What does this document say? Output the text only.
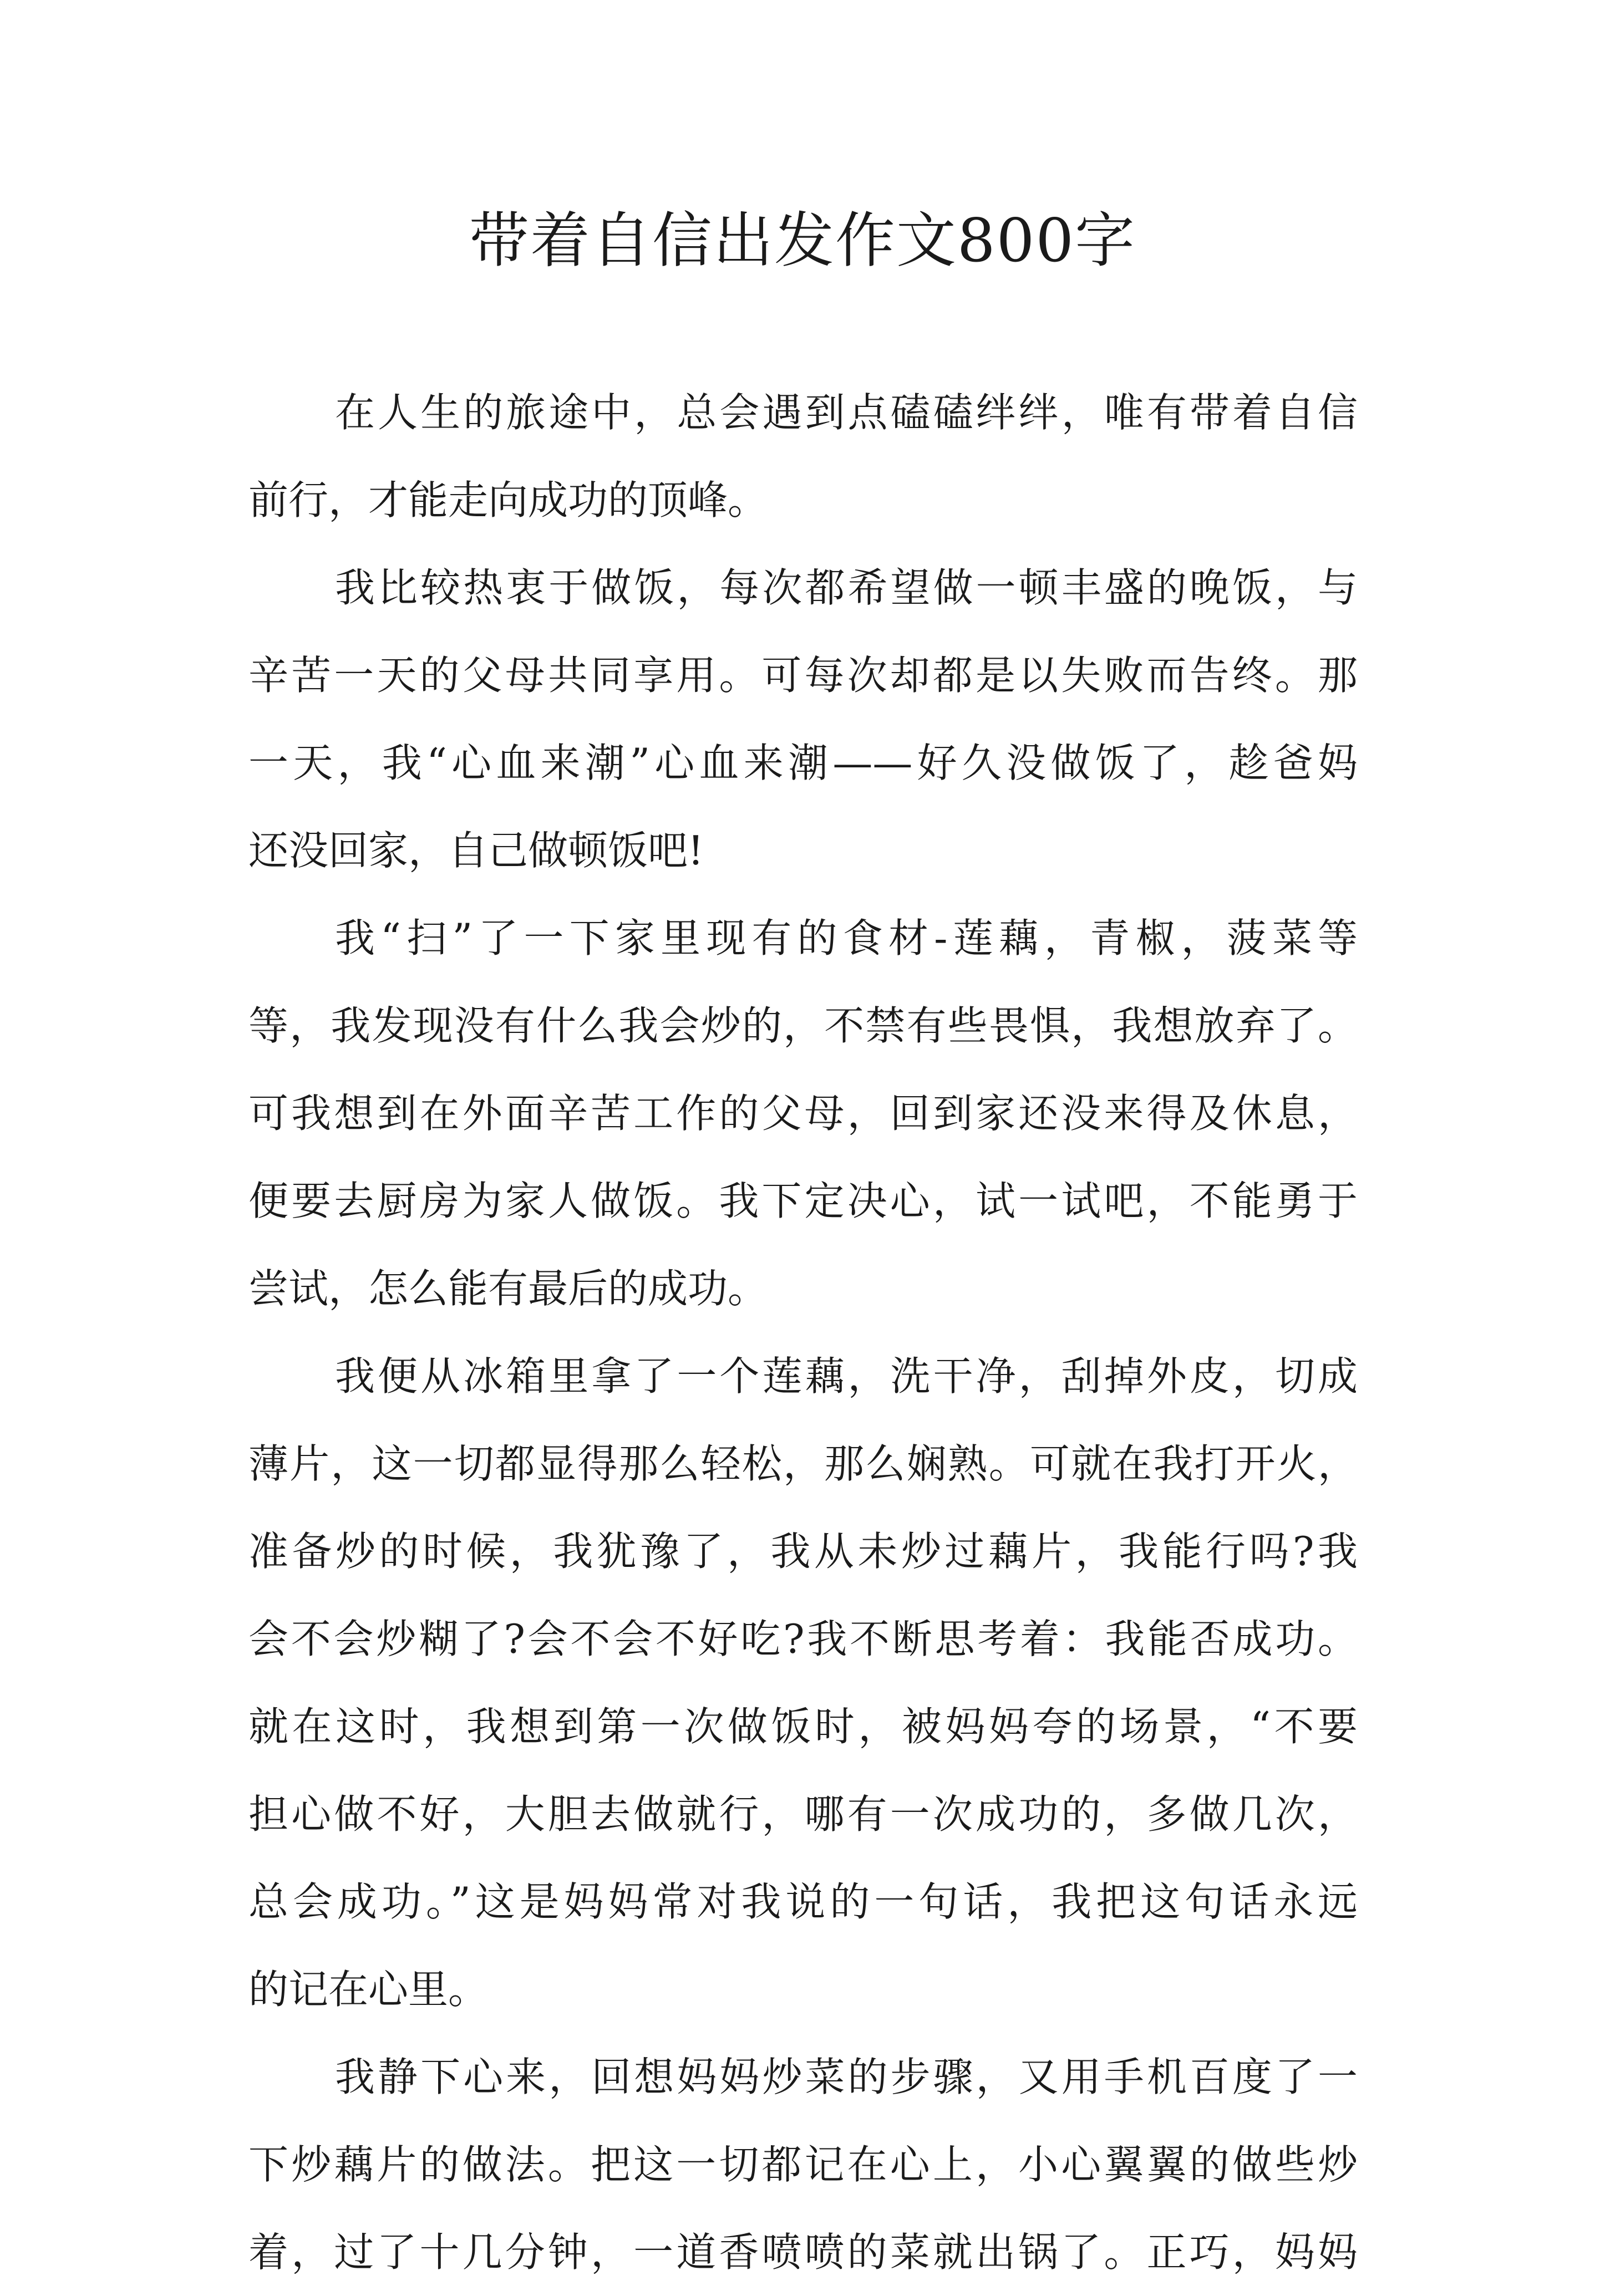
带着自信出发作文800字

在人生的旅途中，总会遇到点磕磕绊绊，唯有带着自信
前行，才能走向成功的顶峰。

我比较热衷于做饭，每次都希望做一顿丰盛的晚饭，与
辛苦一天的父母共同享用。可每次却都是以失败而告终。那
一天，我“心血来潮”心血来潮——好久没做饭了，趁爸妈
还没回家，自己做顿饭吧!

我“扫”了一下家里现有的食材-莲藕，青椒，菠菜等
等，我发现没有什么我会炒的，不禁有些畏惧，我想放弃了。
可我想到在外面辛苦工作的父母，回到家还没来得及休息，
便要去厨房为家人做饭。我下定决心，试一试吧，不能勇于
尝试，怎么能有最后的成功。

我便从冰箱里拿了一个莲藕，洗干净，刮掉外皮，切成
薄片，这一切都显得那么轻松，那么娴熟。可就在我打开火，
准备炒的时候，我犹豫了，我从未炒过藕片，我能行吗?我
会不会炒糊了?会不会不好吃?我不断思考着：我能否成功。
就在这时，我想到第一次做饭时，被妈妈夸的场景，“不要
担心做不好，大胆去做就行，哪有一次成功的，多做几次，
总会成功。”这是妈妈常对我说的一句话，我把这句话永远
的记在心里。

我静下心来，回想妈妈炒菜的步骤，又用手机百度了一
下炒藕片的做法。把这一切都记在心上，小心翼翼的做些炒
着，过了十几分钟，一道香喷喷的菜就出锅了。正巧，妈妈
